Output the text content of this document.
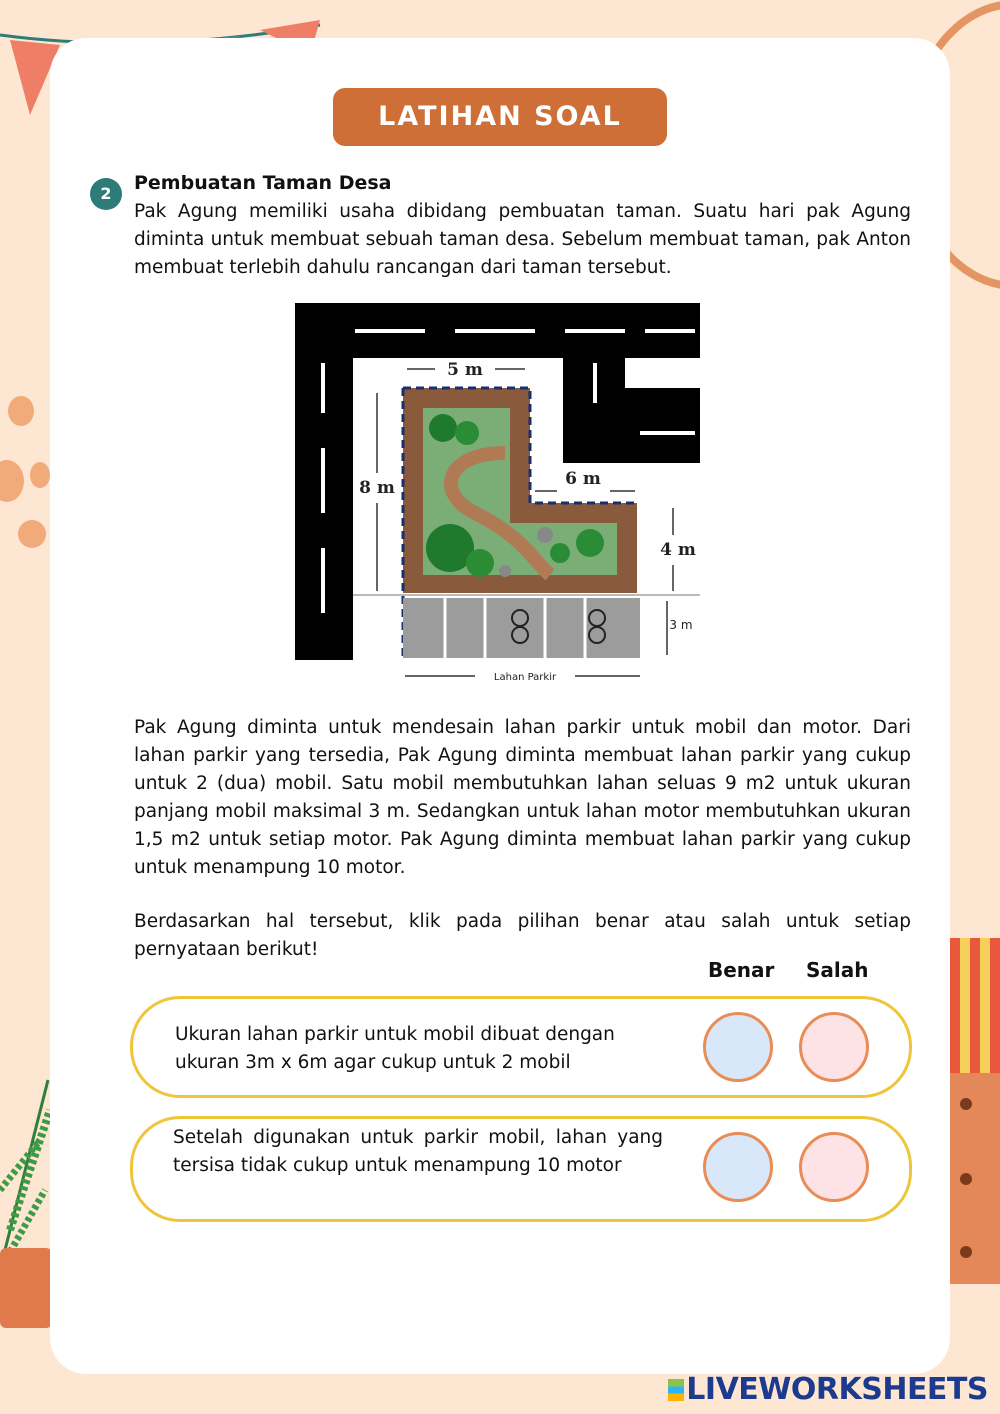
LATIHAN SOAL HOTS
2	Pembuatan Taman Desa
Pak Agung memiliki usaha dibidang pembuatan taman. Suatu hari pak Agung diminta untuk membuat sebuah taman desa. Sebelum membuat taman, pak Anton membuat terlebih dahulu rancangan dari taman tersebut.
5 m
8 m	6 m
4 m
3 m
Lahan Parkir
Pak Agung diminta untuk mendesain lahan parkir untuk mobil dan motor. Dari lahan parkir yang tersedia, Pak Agung diminta membuat lahan parkir yang cukup untuk 2 (dua) mobil. Satu mobil membutuhkan lahan seluas 9 m2 untuk ukuran panjang mobil maksimal 3 m. Sedangkan untuk lahan motor membutuhkan ukuran 1,5 m2 untuk setiap motor. Pak Agung diminta membuat lahan parkir yang cukup untuk menampung 10 motor.
Berdasarkan hal tersebut, klik pada pilihan benar atau salah untuk setiap pernyataan berikut!
Benar Salah
Ukuran lahan parkir untuk mobil dibuat dengan ukuran 3m x 6m agar cukup untuk 2 mobil
Setelah digunakan untuk parkir mobil, lahan yang tersisa tidak cukup untuk menampung 10 motor
LIVEWORKSHEETS
